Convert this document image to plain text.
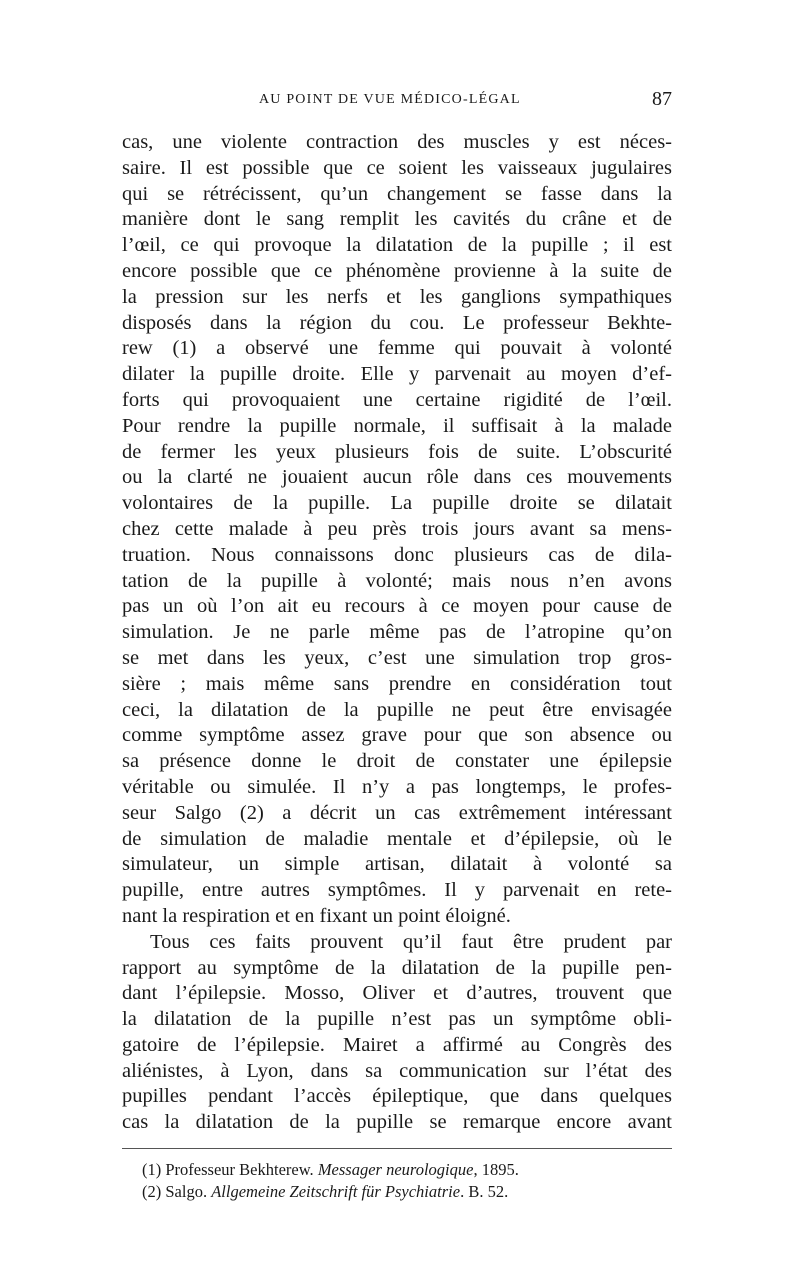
AU POINT DE VUE MÉDICO-LÉGAL	87
cas, une violente contraction des muscles y est néces-
saire. Il est possible que ce soient les vaisseaux jugulaires
qui se rétrécissent, qu’un changement se fasse dans la
manière dont le sang remplit les cavités du crâne et de
l’œil, ce qui provoque la dilatation de la pupille ; il est
encore possible que ce phénomène provienne à la suite de
la pression sur les nerfs et les ganglions sympathiques
disposés dans la région du cou. Le professeur Bekhte-
rew (1) a observé une femme qui pouvait à volonté
dilater la pupille droite. Elle y parvenait au moyen d’ef-
forts qui provoquaient une certaine rigidité de l’œil.
Pour rendre la pupille normale, il suffisait à la malade
de fermer les yeux plusieurs fois de suite. L’obscurité
ou la clarté ne jouaient aucun rôle dans ces mouvements
volontaires de la pupille. La pupille droite se dilatait
chez cette malade à peu près trois jours avant sa mens-
truation. Nous connaissons donc plusieurs cas de dila-
tation de la pupille à volonté; mais nous n’en avons
pas un où l’on ait eu recours à ce moyen pour cause de
simulation. Je ne parle même pas de l’atropine qu’on
se met dans les yeux, c’est une simulation trop gros-
sière ; mais même sans prendre en considération tout
ceci, la dilatation de la pupille ne peut être envisagée
comme symptôme assez grave pour que son absence ou
sa présence donne le droit de constater une épilepsie
véritable ou simulée. Il n’y a pas longtemps, le profes-
seur Salgo (2) a décrit un cas extrêmement intéressant
de simulation de maladie mentale et d’épilepsie, où le
simulateur, un simple artisan, dilatait à volonté sa
pupille, entre autres symptômes. Il y parvenait en rete-
nant la respiration et en fixant un point éloigné.
Tous ces faits prouvent qu’il faut être prudent par
rapport au symptôme de la dilatation de la pupille pen-
dant l’épilepsie. Mosso, Oliver et d’autres, trouvent que
la dilatation de la pupille n’est pas un symptôme obli-
gatoire de l’épilepsie. Mairet a affirmé au Congrès des
aliénistes, à Lyon, dans sa communication sur l’état des
pupilles pendant l’accès épileptique, que dans quelques
cas la dilatation de la pupille se remarque encore avant
(1) Professeur Bekhterew. Messager neurologique, 1895.
(2) Salgo. Allgemeine Zeitschrift für Psychiatrie. B. 52.
